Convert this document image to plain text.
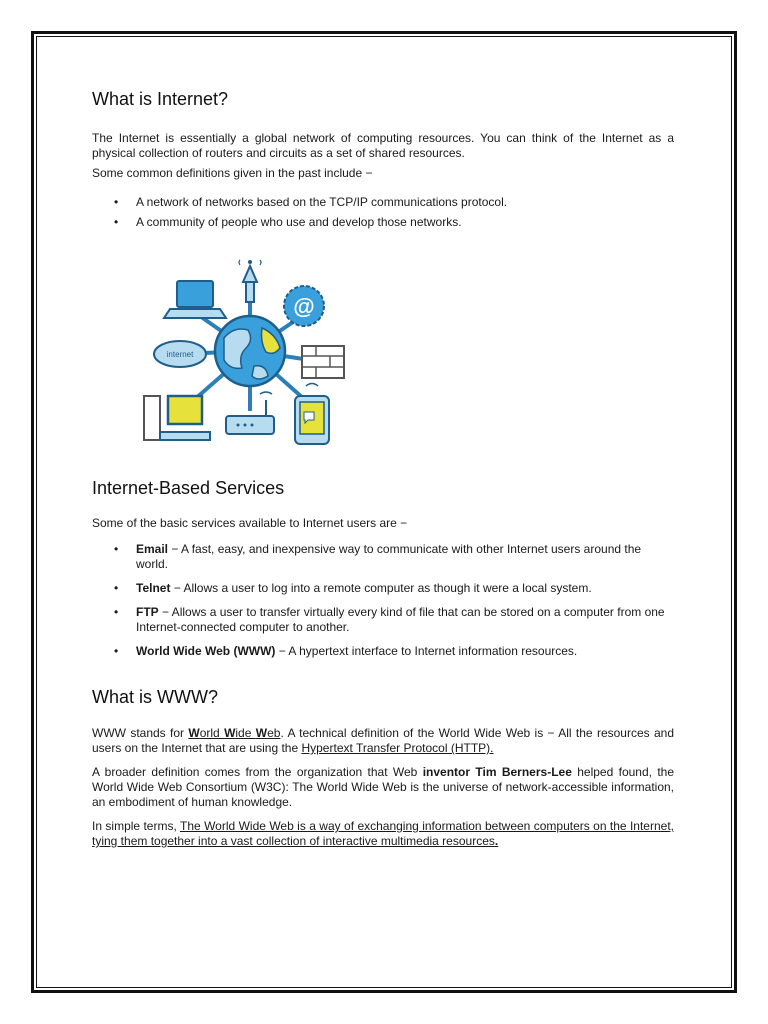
What is Internet?

The Internet is essentially a global network of computing resources. You can think of the Internet as a physical collection of routers and circuits as a set of shared resources.

Some common definitions given in the past include −

• A network of networks based on the TCP/IP communications protocol.
• A community of people who use and develop those networks.
@
internet
Internet-Based Services

Some of the basic services available to Internet users are −

• Email − A fast, easy, and inexpensive way to communicate with other Internet users around the world.
• Telnet − Allows a user to log into a remote computer as though it were a local system.
• FTP − Allows a user to transfer virtually every kind of file that can be stored on a computer from one Internet-connected computer to another.
• World Wide Web (WWW) − A hypertext interface to Internet information resources.
What is WWW?

WWW stands for World Wide Web. A technical definition of the World Wide Web is − All the resources and users on the Internet that are using the Hypertext Transfer Protocol (HTTP).

A broader definition comes from the organization that Web inventor Tim Berners-Lee helped found, the World Wide Web Consortium (W3C): The World Wide Web is the universe of network-accessible information, an embodiment of human knowledge.

In simple terms, The World Wide Web is a way of exchanging information between computers on the Internet, tying them together into a vast collection of interactive multimedia resources.
